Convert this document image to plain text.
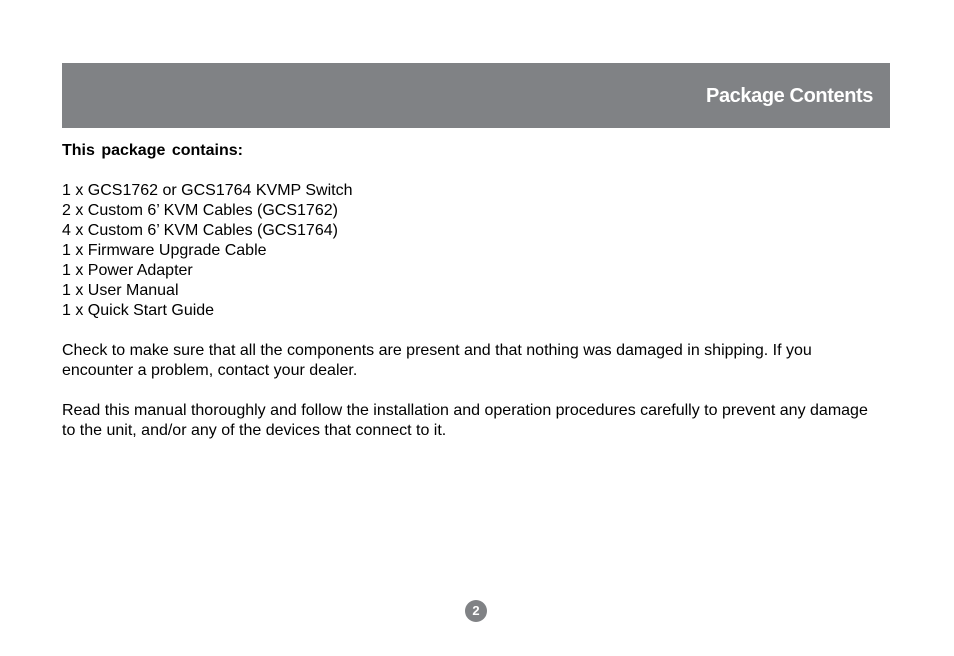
Package Contents

This package contains:

1 x GCS1762 or GCS1764 KVMP Switch
2 x Custom 6’ KVM Cables (GCS1762)
4 x Custom 6’ KVM Cables (GCS1764)
1 x Firmware Upgrade Cable
1 x Power Adapter
1 x User Manual
1 x Quick Start Guide

Check to make sure that all the components are present and that nothing was damaged in shipping. If you encounter a problem, contact your dealer.

Read this manual thoroughly and follow the installation and operation procedures carefully to prevent any damage to the unit, and/or any of the devices that connect to it.

2
